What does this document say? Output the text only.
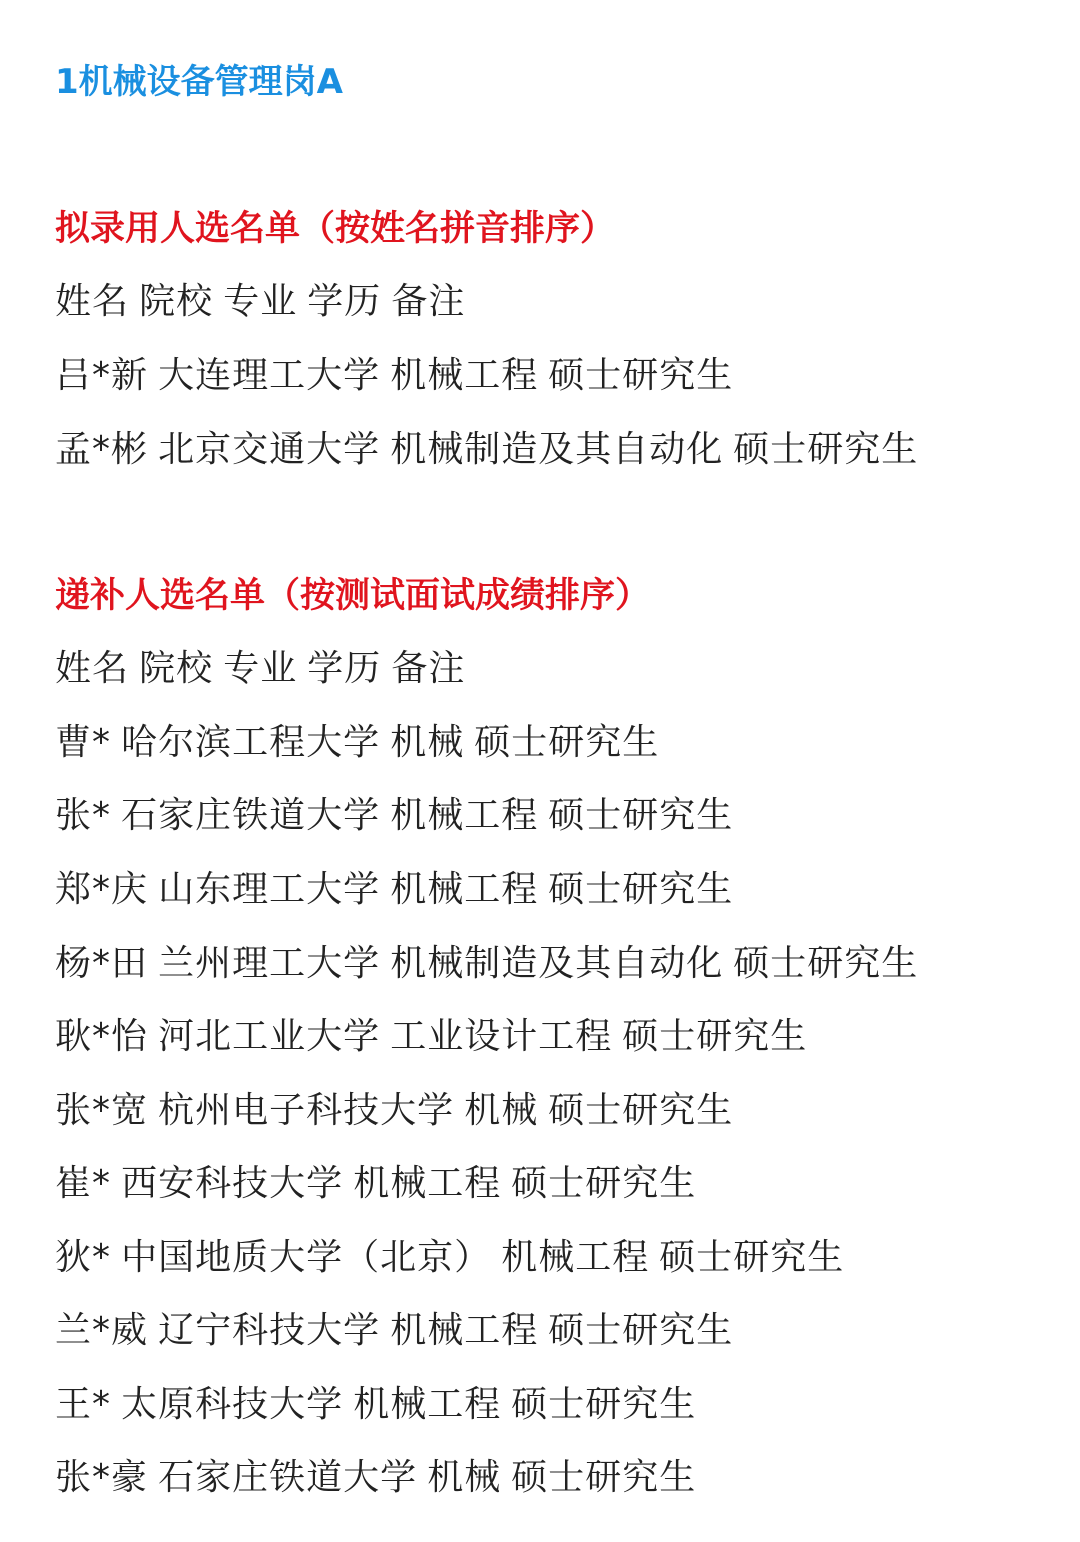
1机械设备管理岗A
拟录用人选名单（按姓名拼音排序）
姓名 院校 专业 学历 备注
吕*新 大连理工大学 机械工程 硕士研究生
孟*彬 北京交通大学 机械制造及其自动化 硕士研究生
递补人选名单（按测试面试成绩排序）
姓名 院校 专业 学历 备注
曹* 哈尔滨工程大学 机械 硕士研究生
张* 石家庄铁道大学 机械工程 硕士研究生
郑*庆 山东理工大学 机械工程 硕士研究生
杨*田 兰州理工大学 机械制造及其自动化 硕士研究生
耿*怡 河北工业大学 工业设计工程 硕士研究生
张*宽 杭州电子科技大学 机械 硕士研究生
崔* 西安科技大学 机械工程 硕士研究生
狄* 中国地质大学（北京） 机械工程 硕士研究生
兰*威 辽宁科技大学 机械工程 硕士研究生
王* 太原科技大学 机械工程 硕士研究生
张*豪 石家庄铁道大学 机械 硕士研究生
